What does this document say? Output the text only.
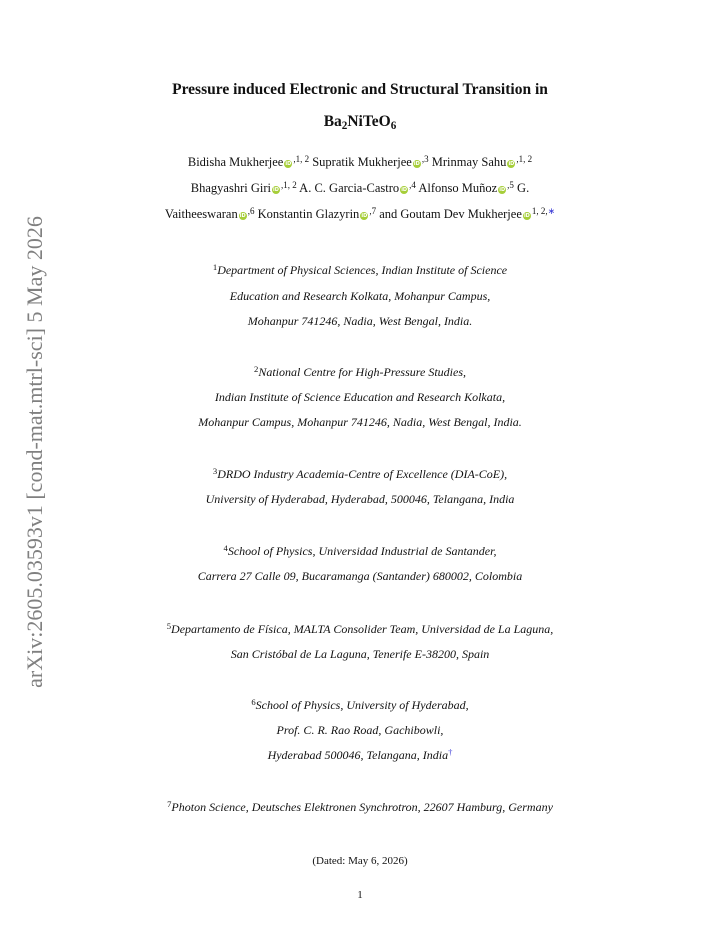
arXiv:2605.03593v1 [cond-mat.mtrl-sci] 5 May 2026
Pressure induced Electronic and Structural Transition in
$Ba_2NiTeO_6$
Bidisha Mukherjee $iD^{,1, 2}$ Supratik Mukherjee $iD^{,3}$ Mrinmay Sahu $iD^{,1, 2}$
Bhagyashri Giri $iD^{,1, 2}$ A. C. Garcia-Castro $iD^{,4}$ Alfonso Muñoz $iD^{,5}$ G.
Vaitheeswaran $iD^{,6}$ Konstantin Glazyrin $iD^{,7}$ and Goutam Dev Mukherjee iD$^{1, 2,∗}$
$^1$Department of Physical Sciences, Indian Institute of Science
Education and Research Kolkata, Mohanpur Campus,
Mohanpur 741246, Nadia, West Bengal, India.
$^2$National Centre for High-Pressure Studies,
Indian Institute of Science Education and Research Kolkata,
Mohanpur Campus, Mohanpur 741246, Nadia, West Bengal, India.
$^3$DRDO Industry Academia-Centre of Excellence (DIA-CoE),
University of Hyderabad, Hyderabad, 500046, Telangana, India
$^4$School of Physics, Universidad Industrial de Santander,
Carrera 27 Calle 09, Bucaramanga (Santander) 680002, Colombia
$^5$Departamento de Física, MALTA Consolider Team, Universidad de La Laguna,
San Cristóbal de La Laguna, Tenerife E-38200, Spain
$^6$School of Physics, University of Hyderabad,
Prof. C. R. Rao Road, Gachibowli,
Hyderabad 500046, Telangana, India†
$^7$Photon Science, Deutsches Elektronen Synchrotron, 22607 Hamburg, Germany
(Dated: May 6, 2026)
1
